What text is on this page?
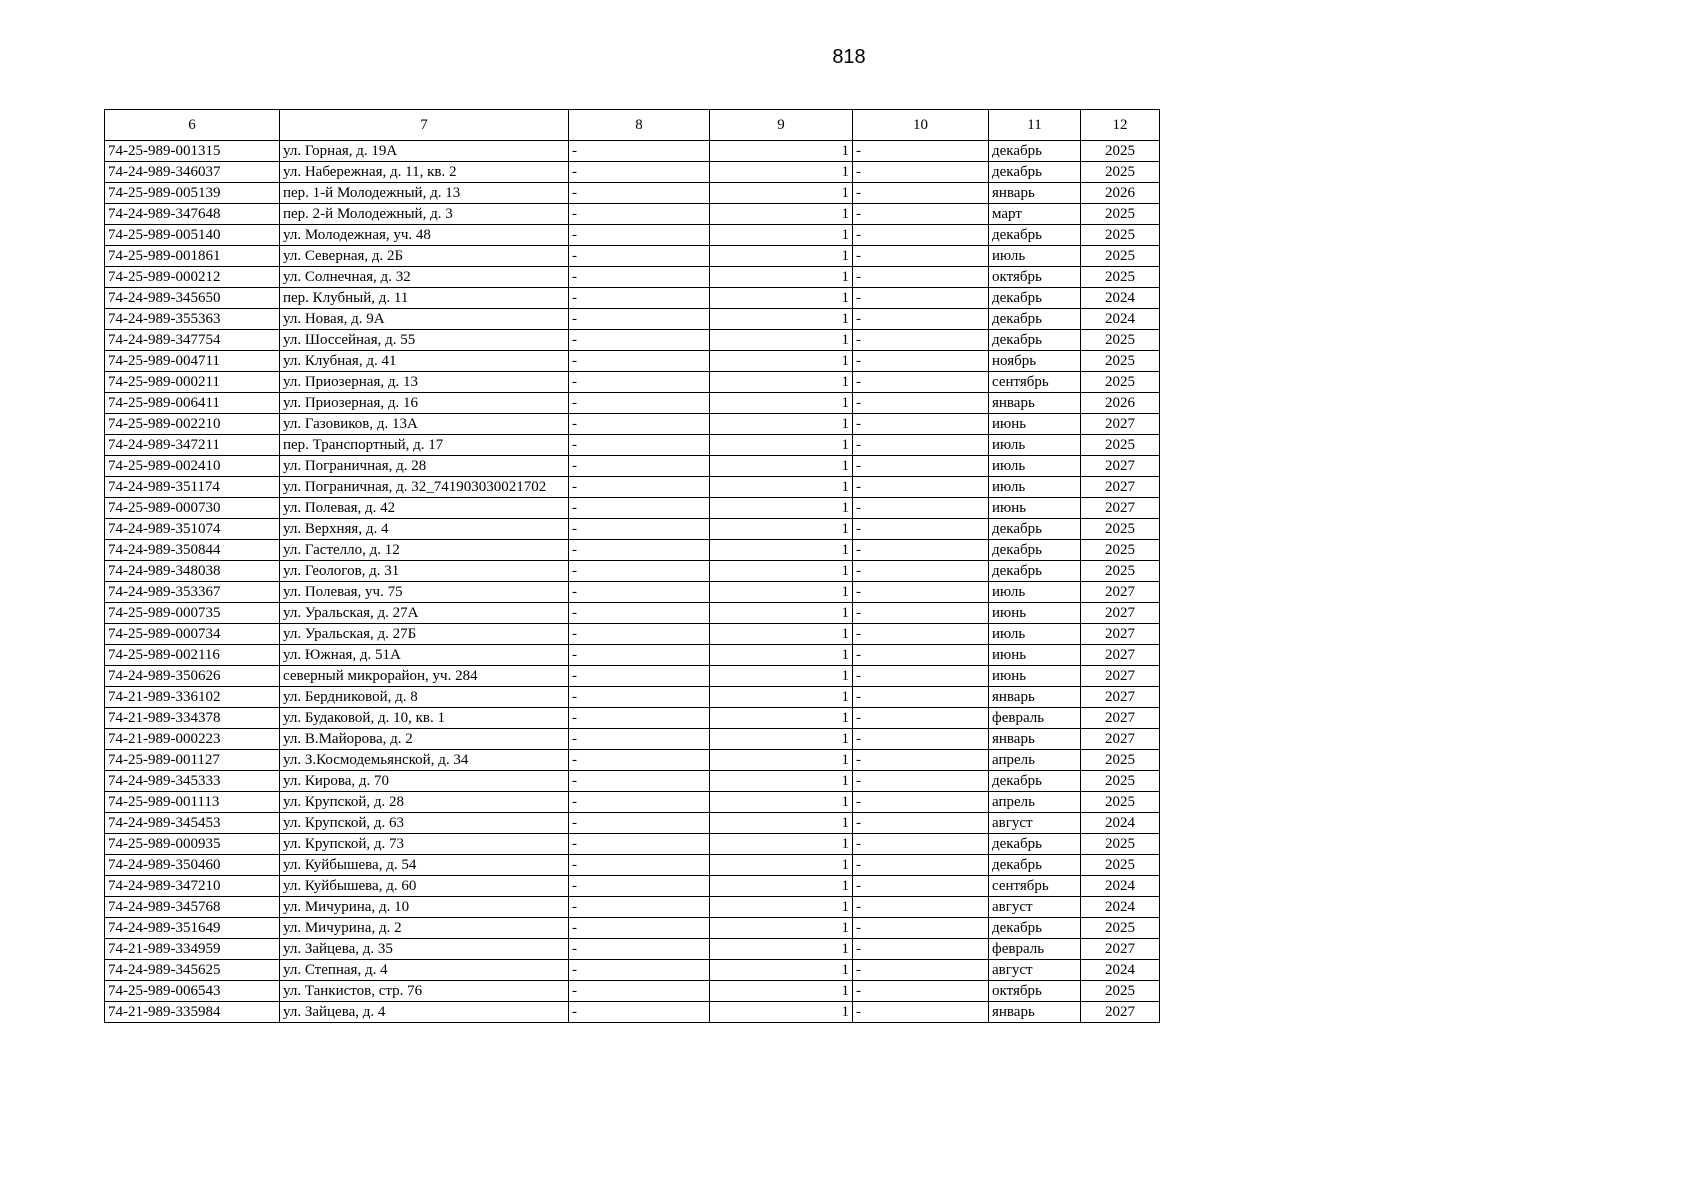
818
6	7	8	9	10	11	12
74-25-989-001315	ул. Горная, д. 19А	-	1	-	декабрь	2025
74-24-989-346037	ул. Набережная, д. 11, кв. 2	-	1	-	декабрь	2025
74-25-989-005139	пер. 1-й Молодежный, д. 13	-	1	-	январь	2026
74-24-989-347648	пер. 2-й Молодежный, д. 3	-	1	-	март	2025
74-25-989-005140	ул. Молодежная, уч. 48	-	1	-	декабрь	2025
74-25-989-001861	ул. Северная, д. 2Б	-	1	-	июль	2025
74-25-989-000212	ул. Солнечная, д. 32	-	1	-	октябрь	2025
74-24-989-345650	пер. Клубный, д. 11	-	1	-	декабрь	2024
74-24-989-355363	ул. Новая, д. 9А	-	1	-	декабрь	2024
74-24-989-347754	ул. Шоссейная, д. 55	-	1	-	декабрь	2025
74-25-989-004711	ул. Клубная, д. 41	-	1	-	ноябрь	2025
74-25-989-000211	ул. Приозерная, д. 13	-	1	-	сентябрь	2025
74-25-989-006411	ул. Приозерная, д. 16	-	1	-	январь	2026
74-25-989-002210	ул. Газовиков, д. 13А	-	1	-	июнь	2027
74-24-989-347211	пер. Транспортный, д. 17	-	1	-	июль	2025
74-25-989-002410	ул. Пограничная, д. 28	-	1	-	июль	2027
74-24-989-351174	ул. Пограничная, д. 32_741903030021702	-	1	-	июль	2027
74-25-989-000730	ул. Полевая, д. 42	-	1	-	июнь	2027
74-24-989-351074	ул. Верхняя, д. 4	-	1	-	декабрь	2025
74-24-989-350844	ул. Гастелло, д. 12	-	1	-	декабрь	2025
74-24-989-348038	ул. Геологов, д. 31	-	1	-	декабрь	2025
74-24-989-353367	ул. Полевая, уч. 75	-	1	-	июль	2027
74-25-989-000735	ул. Уральская, д. 27А	-	1	-	июнь	2027
74-25-989-000734	ул. Уральская, д. 27Б	-	1	-	июль	2027
74-25-989-002116	ул. Южная, д. 51А	-	1	-	июнь	2027
74-24-989-350626	северный микрорайон, уч. 284	-	1	-	июнь	2027
74-21-989-336102	ул. Бердниковой, д. 8	-	1	-	январь	2027
74-21-989-334378	ул. Будаковой, д. 10, кв. 1	-	1	-	февраль	2027
74-21-989-000223	ул. В.Майорова, д. 2	-	1	-	январь	2027
74-25-989-001127	ул. З.Космодемьянской, д. 34	-	1	-	апрель	2025
74-24-989-345333	ул. Кирова, д. 70	-	1	-	декабрь	2025
74-25-989-001113	ул. Крупской, д. 28	-	1	-	апрель	2025
74-24-989-345453	ул. Крупской, д. 63	-	1	-	август	2024
74-25-989-000935	ул. Крупской, д. 73	-	1	-	декабрь	2025
74-24-989-350460	ул. Куйбышева, д. 54	-	1	-	декабрь	2025
74-24-989-347210	ул. Куйбышева, д. 60	-	1	-	сентябрь	2024
74-24-989-345768	ул. Мичурина, д. 10	-	1	-	август	2024
74-24-989-351649	ул. Мичурина, д. 2	-	1	-	декабрь	2025
74-21-989-334959	ул. Зайцева, д. 35	-	1	-	февраль	2027
74-24-989-345625	ул. Степная, д. 4	-	1	-	август	2024
74-25-989-006543	ул. Танкистов, стр. 76	-	1	-	октябрь	2025
74-21-989-335984	ул. Зайцева, д. 4	-	1	-	январь	2027
